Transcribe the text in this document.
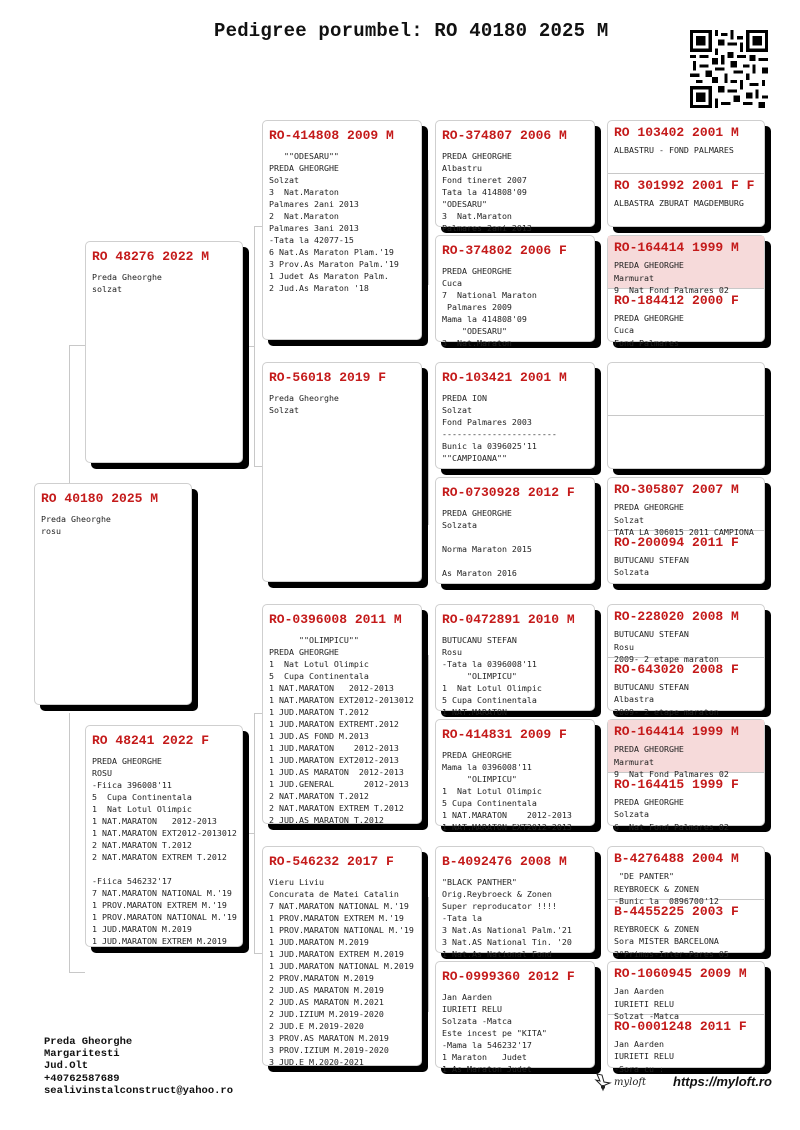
Pedigree porumbel: RO 40180 2025 M
RO 40180 2025 M
Preda Gheorghe
rosu
RO 48276 2022 M
Preda Gheorghe
solzat
RO 48241 2022 F
PREDA GHEORGHE
ROSU
-Fiica 396008'11
5  Cupa Continentala
1  Nat Lotul Olimpic
1 NAT.MARATON   2012-2013
1 NAT.MARATON EXT2012-2013012
2 NAT.MARATON T.2012
2 NAT.MARATON EXTREM T.2012

-Fiica 546232'17
7 NAT.MARATON NATIONAL M.'19
1 PROV.MARATON EXTREM M.'19
1 PROV.MARATON NATIONAL M.'19
1 JUD.MARATON M.2019
1 JUD.MARATON EXTREM M.2019
RO-414808 2009 M
""ODESARU""
PREDA GHEORGHE
Solzat
3  Nat.Maraton
Palmares 2ani 2013
2  Nat.Maraton
Palmares 3ani 2013
-Tata la 42077-15
6 Nat.As Maraton Plam.'19
3 Prov.As Maraton Palm.'19
1 Judet As Maraton Palm.
2 Jud.As Maraton '18
RO-56018 2019 F
Preda Gheorghe
Solzat
RO-0396008 2011 M
""OLIMPICU""
PREDA GHEORGHE
1  Nat Lotul Olimpic
5  Cupa Continentala
1 NAT.MARATON   2012-2013
1 NAT.MARATON EXT2012-2013012
1 JUD.MARATON T.2012
1 JUD.MARATON EXTREMT.2012
1 JUD.AS FOND M.2013
1 JUD.MARATON    2012-2013
1 JUD.MARATON EXT2012-2013
1 JUD.AS MARATON  2012-2013
1 JUD.GENERAL      2012-2013
2 NAT.MARATON T.2012
2 NAT.MARATON EXTREM T.2012
2 JUD.AS MARATON T.2012
RO-546232 2017 F
Vieru Liviu
Concurata de Matei Catalin
7 NAT.MARATON NATIONAL M.'19
1 PROV.MARATON EXTREM M.'19
1 PROV.MARATON NATIONAL M.'19
1 JUD.MARATON M.2019
1 JUD.MARATON EXTREM M.2019
1 JUD.MARATON NATIONAL M.2019
2 PROV.MARATON M.2019
2 JUD.AS MARATON M.2019
2 JUD.AS MARATON M.2021
2 JUD.IZIUM M.2019-2020
2 JUD.E M.2019-2020
3 PROV.AS MARATON M.2019
3 PROV.IZIUM M.2019-2020
3 JUD.E M.2020-2021
RO-374807 2006 M
PREDA GHEORGHE
Albastru
Fond tineret 2007
Tata la 414808'09
"ODESARU"
3  Nat.Maraton
Palmares 2ani 2013
RO-374802 2006 F
PREDA GHEORGHE
Cuca
7  National Maraton
Palmares 2009
Mama la 414808'09
"ODESARU"
3  Nat.Maraton
RO-103421 2001 M
PREDA ION
Solzat
Fond Palmares 2003
-----------------------
Bunic la 0396025'11
""CAMPIOANA""
RO-0730928 2012 F
PREDA GHEORGHE
Solzata

Norma Maraton 2015

As Maraton 2016
RO-0472891 2010 M
BUTUCANU STEFAN
Rosu
-Tata la 0396008'11
"OLIMPICU"
1  Nat Lotul Olimpic
5 Cupa Continentala
1 NAT.MARATON
RO-414831 2009 F
PREDA GHEORGHE
Mama la 0396008'11
"OLIMPICU"
1  Nat Lotul Olimpic
5 Cupa Continentala
1 NAT.MARATON    2012-2013
1 NAT.MARATON EXT2012-2013
B-4092476 2008 M
"BLACK PANTHER"
Orig.Reybroeck & Zonen
Super reproducator !!!!
-Tata la
3 Nat.As National Palm.'21
3 Nat.AS National Tin. '20
1 Nat.As National Fond
RO-0999360 2012 F
Jan Aarden
IURIETI RELU
Solzata -Matca
Este incest pe "KITA"
-Mama la 546232'17
1 Maraton   Judet
1 As Maraton Judet
RO 103402 2001 M
ALBASTRU - FOND PALMARES
RO 301992 2001 F F
ALBASTRA ZBURAT MAGDEMBURG
RO-164414 1999 M
PREDA GHEORGHE
Marmurat
9  Nat Fond Palmares 02
RO-184412 2000 F
PREDA GHEORGHE
Cuca
Fond Palmares
RO-305807 2007 M
PREDA GHEORGHE
Solzat
TATA LA 306015 2011 CAMPIONA
RO-200094 2011 F
BUTUCANU STEFAN
Solzata
RO-228020 2008 M
BUTUCANU STEFAN
Rosu
2009- 2 etape maraton
RO-643020 2008 F
BUTUCANU STEFAN
Albastra
2009- 2 etape maraton
RO-164414 1999 M
PREDA GHEORGHE
Marmurat
9  Nat Fond Palmares 02
RO-164415 1999 F
PREDA GHEORGHE
Solzata
6  Nat Fond Palmares 02
B-4276488 2004 M
"DE PANTER"
REYBROECK & ZONEN
-Bunic la  0896700'12
B-4455225 2003 F
REYBROECK & ZONEN
Sora MISTER BARCELONA
3°Primus-Inter-Pares 05
RO-1060945 2009 M
Jan Aarden
IURIETI RELU
Solzat -Matca
RO-0001248 2011 F
Jan Aarden
IURIETI RELU
-Sora cu :
Preda Gheorghe
Margaritesti
Jud.Olt
+40762587689
sealivinstalconstruct@yahoo.ro
myloft https://myloft.ro
